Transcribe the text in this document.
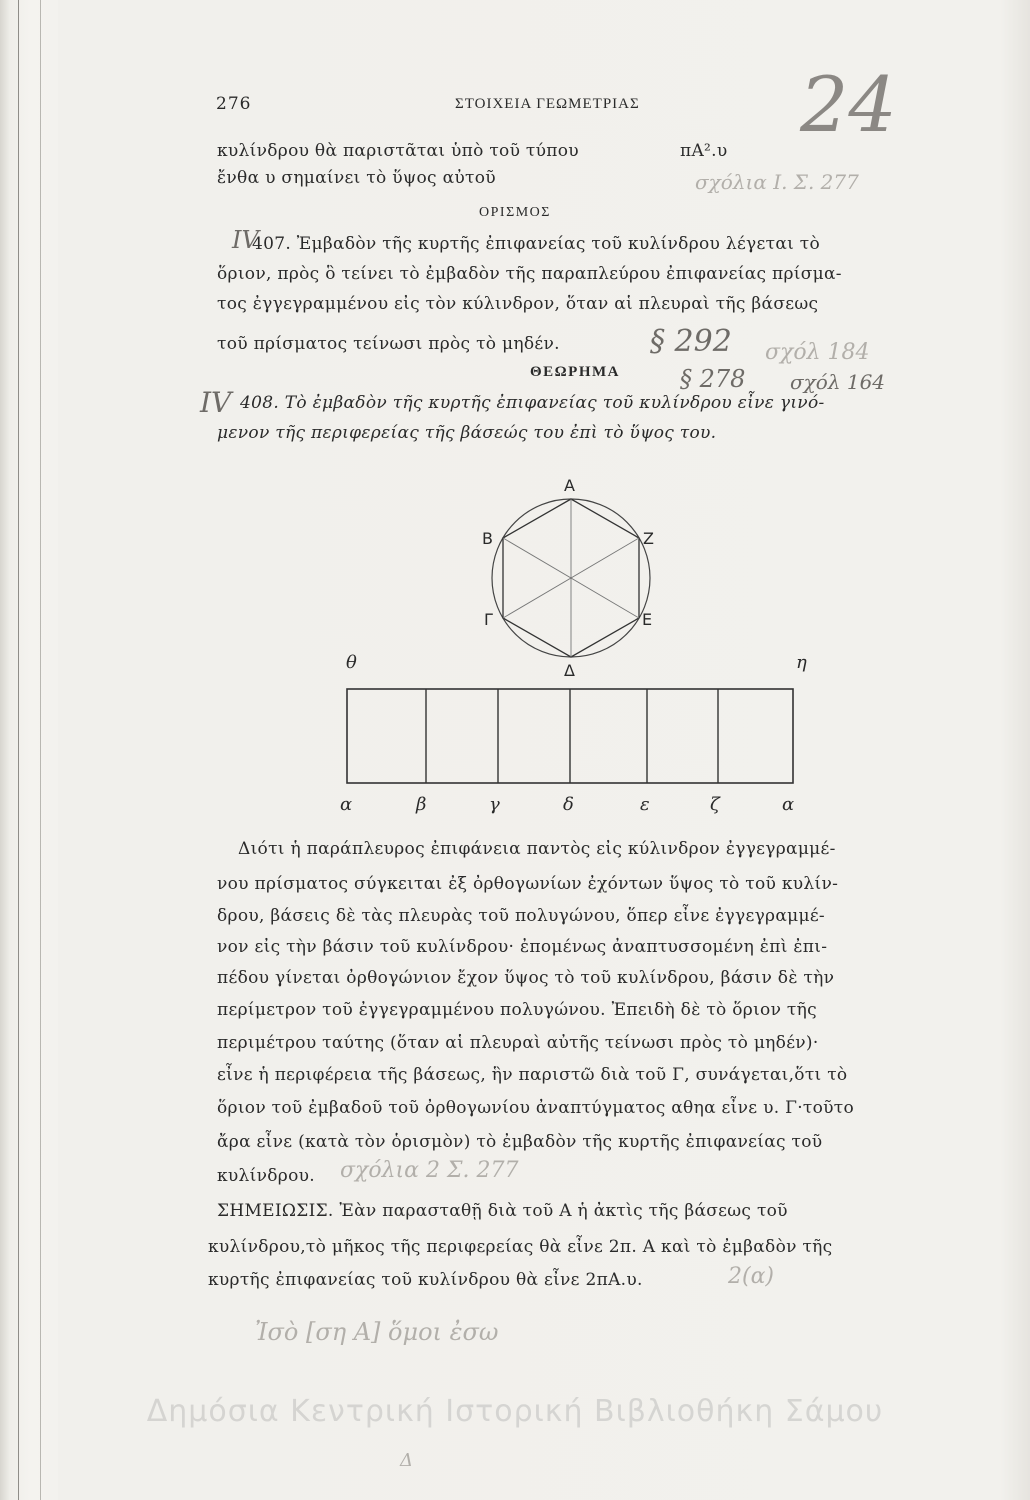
276	ΣΤΟΙΧΕΙΑ ΓΕΩΜΕΤΡΙΑΣ 24
κυλίνδρου θὰ παριστᾶται ὑπὸ τοῦ τύπου	πA².υ
ἔνθα υ σημαίνει τὸ ὕψος αὐτοῦ	σχόλια Ι. Σ. 277
ΟΡΙΣΜΟΣ
IV
407. Ἐμβαδὸν τῆς κυρτῆς ἐπιφανείας τοῦ κυλίνδρου λέγεται τὸ
ὅριον, πρὸς ὃ τείνει τὸ ἐμβαδὸν τῆς παραπλεύρου ἐπιφανείας πρίσμα-
τος ἐγγεγραμμένου εἰς τὸν κύλινδρον, ὅταν αἱ πλευραὶ τῆς βάσεως
τοῦ πρίσματος τείνωσι πρὸς τὸ μηδέν.	§ 292 σχόλ 184
ΘΕΩΡΗΜΑ	§ 278 σχόλ 164
IV 408. Τὸ ἐμβαδὸν τῆς κυρτῆς ἐπιφανείας τοῦ κυλίνδρου εἶνε γινό-
μενον τῆς περιφερείας τῆς βάσεώς του ἐπὶ τὸ ὕψος του.
Α
Β	Ζ
Γ	Ε
Δ
θ	η
α	β	γ	δ	ε	ζ	α
Διότι ἡ παράπλευρος ἐπιφάνεια παντὸς εἰς κύλινδρον ἐγγεγραμμέ-
νου πρίσματος σύγκειται ἐξ ὀρθογωνίων ἐχόντων ὕψος τὸ τοῦ κυλίν-
δρου, βάσεις δὲ τὰς πλευρὰς τοῦ πολυγώνου, ὅπερ εἶνε ἐγγεγραμμέ-
νον εἰς τὴν βάσιν τοῦ κυλίνδρου· ἐπομένως ἀναπτυσσομένη ἐπὶ ἐπι-
πέδου γίνεται ὀρθογώνιον ἔχον ὕψος τὸ τοῦ κυλίνδρου, βάσιν δὲ τὴν
περίμετρον τοῦ ἐγγεγραμμένου πολυγώνου. Ἐπειδὴ δὲ τὸ ὅριον τῆς
περιμέτρου ταύτης (ὅταν αἱ πλευραὶ αὐτῆς τείνωσι πρὸς τὸ μηδέν)·
εἶνε ἡ περιφέρεια τῆς βάσεως, ἣν παριστῶ διὰ τοῦ Γ, συνάγεται,ὅτι τὸ
ὅριον τοῦ ἐμβαδοῦ τοῦ ὀρθογωνίου ἀναπτύγματος αθηα εἶνε υ. Γ·τοῦτο
ἄρα εἶνε (κατὰ τὸν ὁρισμὸν) τὸ ἐμβαδὸν τῆς κυρτῆς ἐπιφανείας τοῦ
κυλίνδρου. σχόλια 2 Σ. 277
ΣΗΜΕΙΩΣΙΣ. Ἐὰν παρασταθῇ διὰ τοῦ Α ἡ ἀκτὶς τῆς βάσεως τοῦ
κυλίνδρου,τὸ μῆκος τῆς περιφερείας θὰ εἶνε 2π. Α καὶ τὸ ἐμβαδὸν τῆς
κυρτῆς ἐπιφανείας τοῦ κυλίνδρου θὰ εἶνε 2πΑ.υ.	2(α)
Ἰσὸ [ση Α] ὅμοι ἐσω
Δ
Δημόσια Κεντρική Ιστορική Βιβλιοθήκη Σάμου
